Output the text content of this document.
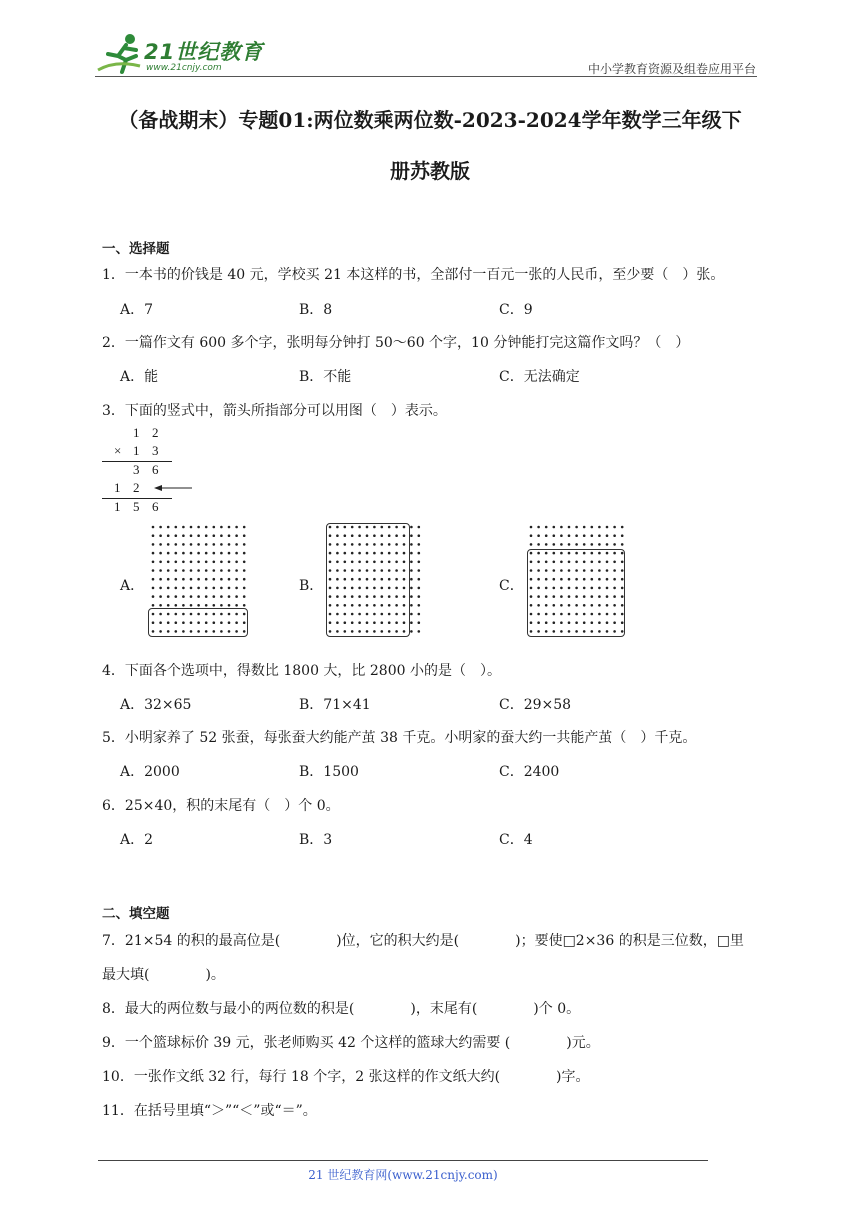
21世纪教育
www.21cnjy.com	中小学教育资源及组卷应用平台
（备战期末）专题01:两位数乘两位数-2023-2024学年数学三年级下
册苏教版
一、选择题
1．一本书的价钱是 40 元，学校买 21 本这样的书，全部付一百元一张的人民币，至少要（　）张。
A．7	B．8	C．9
2．一篇作文有 600 多个字，张明每分钟打 50～60 个字，10 分钟能打完这篇作文吗？（　）
A．能	B．不能	C．无法确定
3．下面的竖式中，箭头所指部分可以用图（　）表示。
1 2
× 1 3
3 6
1 2
1 5 6
A．	B．	C．
4．下面各个选项中，得数比 1800 大，比 2800 小的是（　）。
A．32×65	B．71×41	C．29×58
5．小明家养了 52 张蚕，每张蚕大约能产茧 38 千克。小明家的蚕大约一共能产茧（　）千克。
A．2000	B．1500	C．2400
6．25×40，积的末尾有（　）个 0。
A．2	B．3	C．4
二、填空题
7．21×54 的积的最高位是(　　　　)位，它的积大约是(　　　　)；要使□2×36 的积是三位数，□里
最大填(　　　　)。
8．最大的两位数与最小的两位数的积是(　　　　)，末尾有(　　　　)个 0。
9．一个篮球标价 39 元，张老师购买 42 个这样的篮球大约需要 (　　　　)元。
10．一张作文纸 32 行，每行 18 个字，2 张这样的作文纸大约(　　　　)字。
11．在括号里填“＞”“＜”或“＝”。
21 世纪教育网(www.21cnjy.com)
